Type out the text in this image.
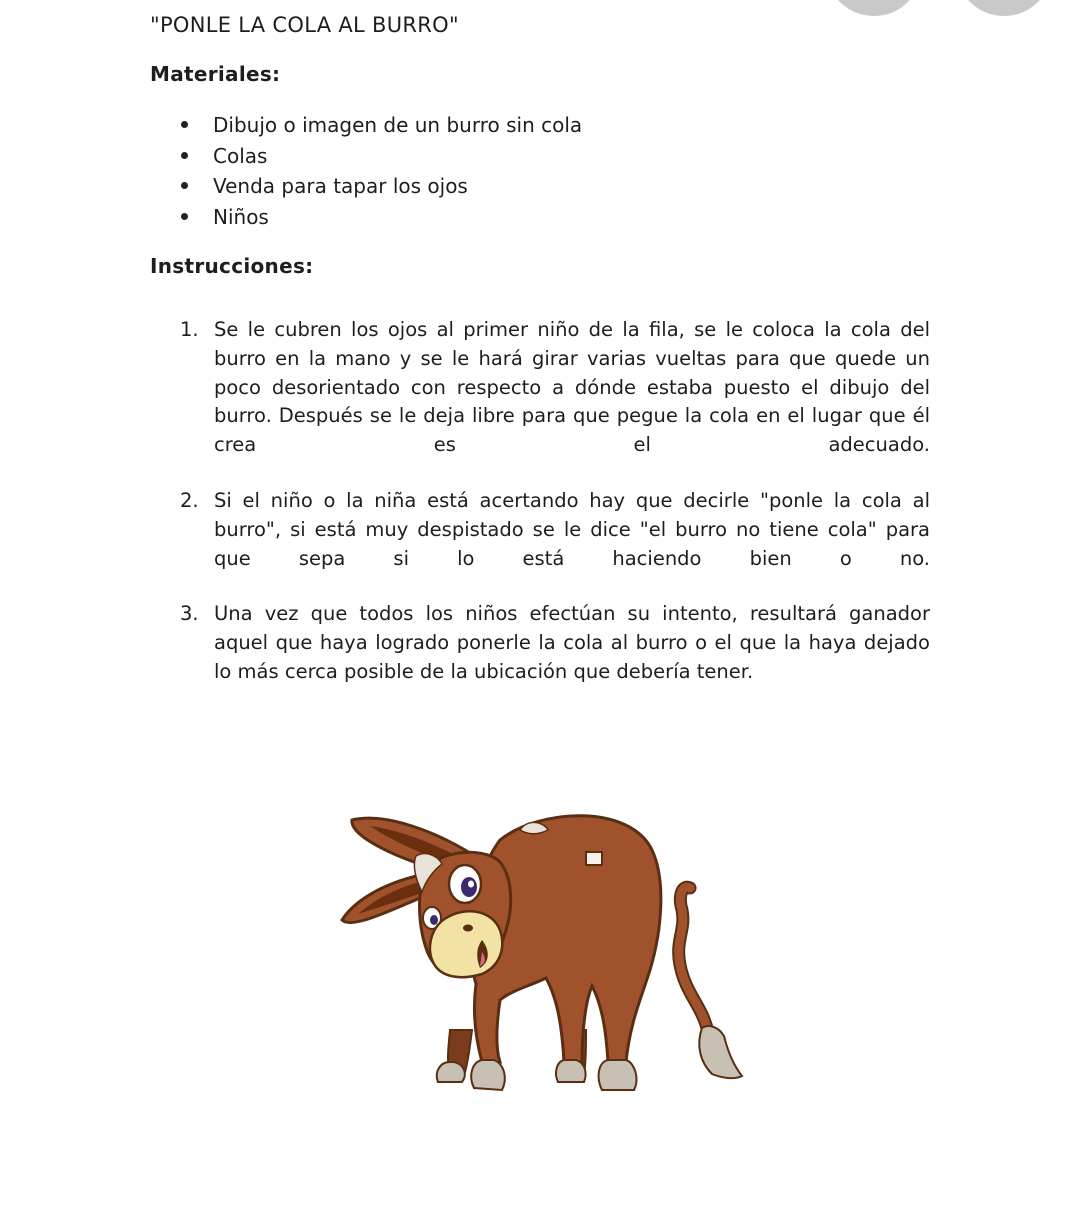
"PONLE LA COLA AL BURRO"
Materiales:
Dibujo o imagen de un burro sin cola
Colas
Venda para tapar los ojos
Niños
Instrucciones:
1. Se le cubren los ojos al primer niño de la fila, se le coloca la cola del burro en la mano y se le hará girar varias vueltas para que quede un poco desorientado con respecto a dónde estaba puesto el dibujo del burro. Después se le deja libre para que pegue la cola en el lugar que él crea es el adecuado.
2. Si el niño o la niña está acertando hay que decirle "ponle la cola al burro", si está muy despistado se le dice "el burro no tiene cola" para que sepa si lo está haciendo bien o no.
3. Una vez que todos los niños efectúan su intento, resultará ganador aquel que haya logrado ponerle la cola al burro o el que la haya dejado lo más cerca posible de la ubicación que debería tener.
